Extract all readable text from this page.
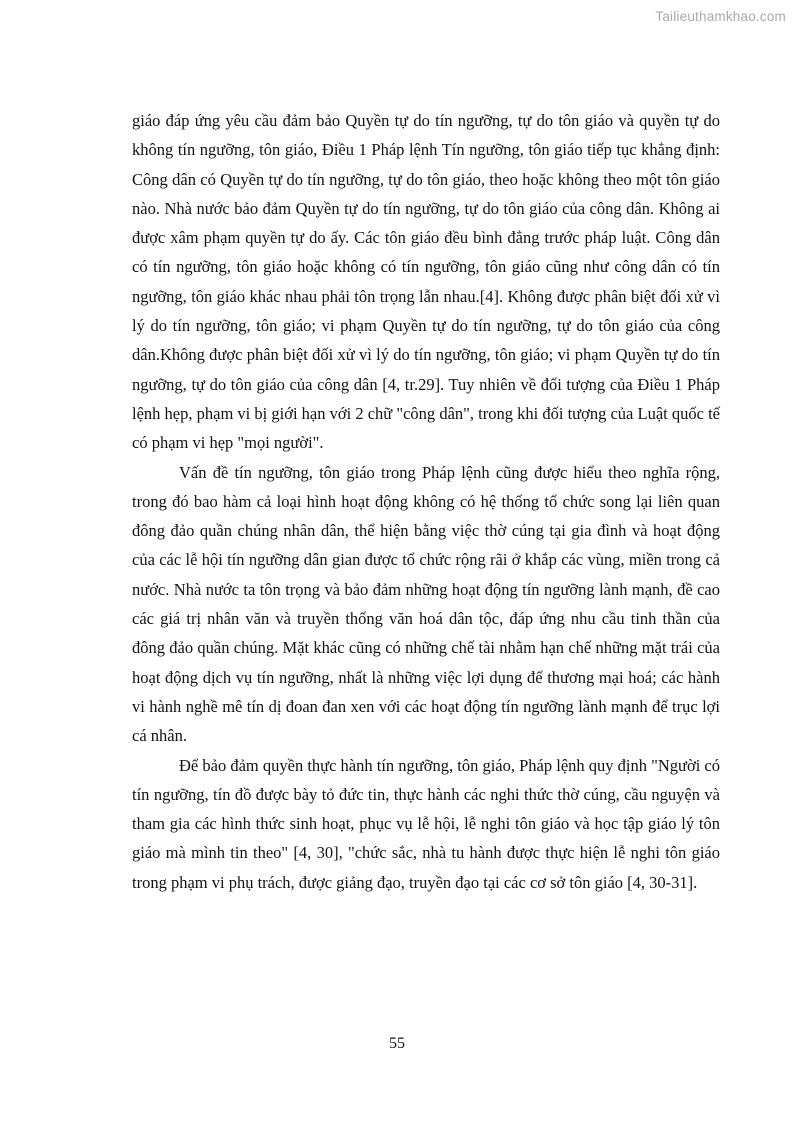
Tailieuthamkhao.com

giáo đáp ứng yêu cầu đảm bảo Quyền tự do tín ngưỡng, tự do tôn giáo và quyền tự do không tín ngưỡng, tôn giáo, Điều 1 Pháp lệnh Tín ngưỡng, tôn giáo tiếp tục khẳng định: Công dân có Quyền tự do tín ngưỡng, tự do tôn giáo, theo hoặc không theo một tôn giáo nào. Nhà nước bảo đảm Quyền tự do tín ngưỡng, tự do tôn giáo của công dân. Không ai được xâm phạm quyền tự do ấy. Các tôn giáo đều bình đẳng trước pháp luật. Công dân có tín ngưỡng, tôn giáo hoặc không có tín ngưỡng, tôn giáo cũng như công dân có tín ngưỡng, tôn giáo khác nhau phải tôn trọng lẫn nhau.[4]. Không được phân biệt đối xử vì lý do tín ngưỡng, tôn giáo; vi phạm Quyền tự do tín ngưỡng, tự do tôn giáo của công dân.Không được phân biệt đối xử vì lý do tín ngưỡng, tôn giáo; vi phạm Quyền tự do tín ngưỡng, tự do tôn giáo của công dân [4, tr.29]. Tuy nhiên về đối tượng của Điều 1 Pháp lệnh hẹp, phạm vi bị giới hạn với 2 chữ "công dân", trong khi đối tượng của Luật quốc tế có phạm vi hẹp "mọi người".

Vấn đề tín ngưỡng, tôn giáo trong Pháp lệnh cũng được hiểu theo nghĩa rộng, trong đó bao hàm cả loại hình hoạt động không có hệ thống tổ chức song lại liên quan đông đảo quần chúng nhân dân, thể hiện bằng việc thờ cúng tại gia đình và hoạt động của các lễ hội tín ngưỡng dân gian được tổ chức rộng rãi ở khắp các vùng, miền trong cả nước. Nhà nước ta tôn trọng và bảo đảm những hoạt động tín ngưỡng lành mạnh, đề cao các giá trị nhân văn và truyền thống văn hoá dân tộc, đáp ứng nhu cầu tinh thần của đông đảo quần chúng. Mặt khác cũng có những chế tài nhằm hạn chế những mặt trái của hoạt động dịch vụ tín ngưỡng, nhất là những việc lợi dụng để thương mại hoá; các hành vi hành nghề mê tín dị đoan đan xen với các hoạt động tín ngưỡng lành mạnh để trục lợi cá nhân.

Để bảo đảm quyền thực hành tín ngưỡng, tôn giáo, Pháp lệnh quy định "Người có tín ngưỡng, tín đồ được bày tỏ đức tin, thực hành các nghi thức thờ cúng, cầu nguyện và tham gia các hình thức sinh hoạt, phục vụ lễ hội, lễ nghi tôn giáo và học tập giáo lý tôn giáo mà mình tin theo" [4, 30], "chức sắc, nhà tu hành được thực hiện lễ nghi tôn giáo trong phạm vi phụ trách, được giảng đạo, truyền đạo tại các cơ sở tôn giáo [4, 30-31].

55
